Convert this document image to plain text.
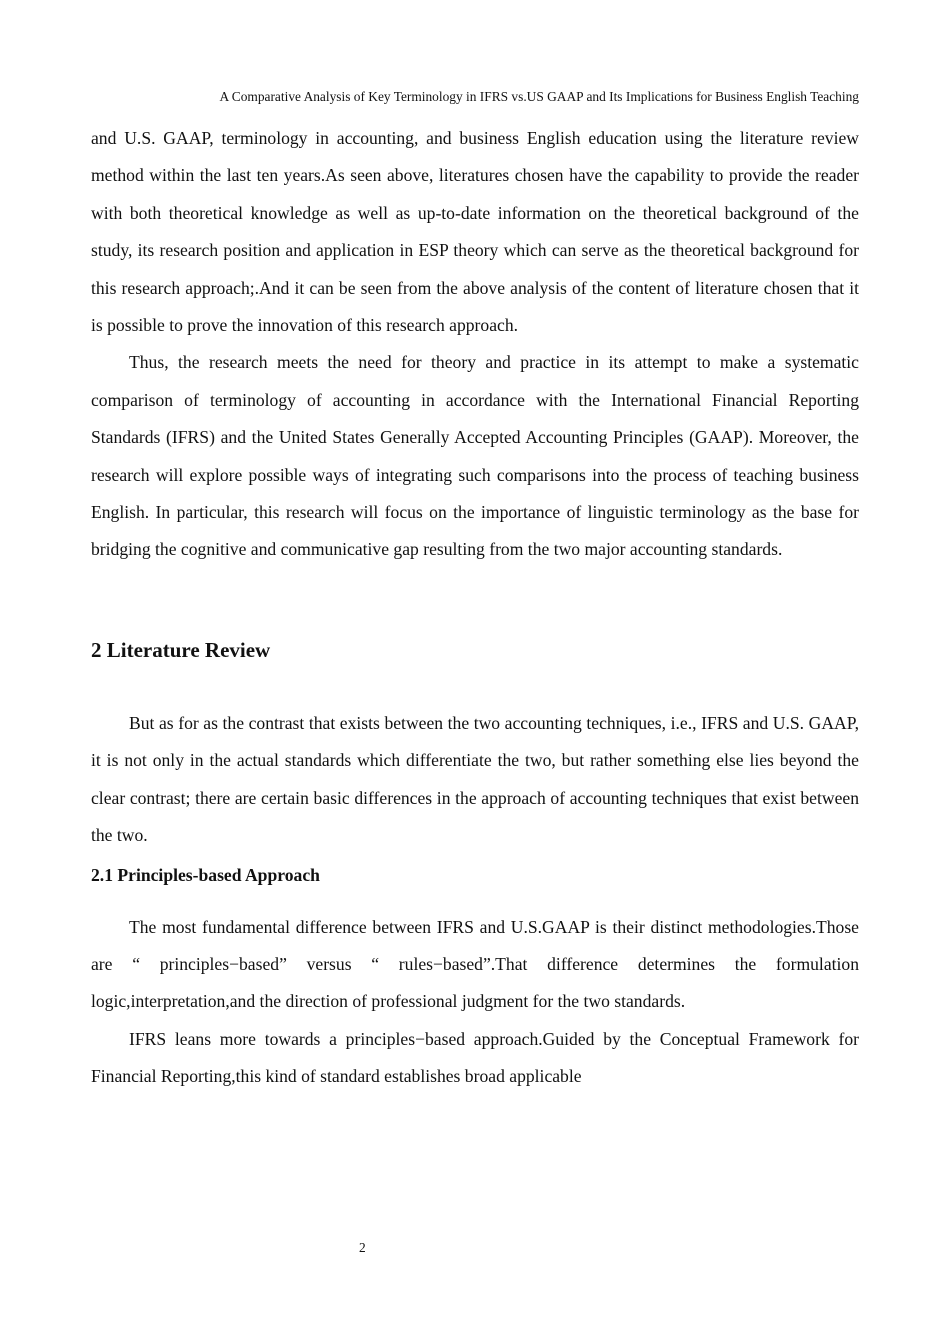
A Comparative Analysis of Key Terminology in IFRS vs.US GAAP and Its Implications for Business English Teaching

and U.S. GAAP, terminology in accounting, and business English education using the literature review method within the last ten years.As seen above, literatures chosen have the capability to provide the reader with both theoretical knowledge as well as up-to-date information on the theoretical background of the study, its research position and application in ESP theory which can serve as the theoretical background for this research approach;.And it can be seen from the above analysis of the content of literature chosen that it is possible to prove the innovation of this research approach.

Thus, the research meets the need for theory and practice in its attempt to make a systematic comparison of terminology of accounting in accordance with the International Financial Reporting Standards (IFRS) and the United States Generally Accepted Accounting Principles (GAAP). Moreover, the research will explore possible ways of integrating such comparisons into the process of teaching business English. In particular, this research will focus on the importance of linguistic terminology as the base for bridging the cognitive and communicative gap resulting from the two major accounting standards.

2 Literature Review

But as for as the contrast that exists between the two accounting techniques, i.e., IFRS and U.S. GAAP, it is not only in the actual standards which differentiate the two, but rather something else lies beyond the clear contrast; there are certain basic differences in the approach of accounting techniques that exist between the two.

2.1 Principles-based Approach

The most fundamental difference between IFRS and U.S.GAAP is their distinct methodologies.Those are “ principles−based” versus “ rules−based”.That difference determines the formulation logic,interpretation,and the direction of professional judgment for the two standards.

IFRS leans more towards a principles−based approach.Guided by the Conceptual Framework for Financial Reporting,this kind of standard establishes broad applicable

2
